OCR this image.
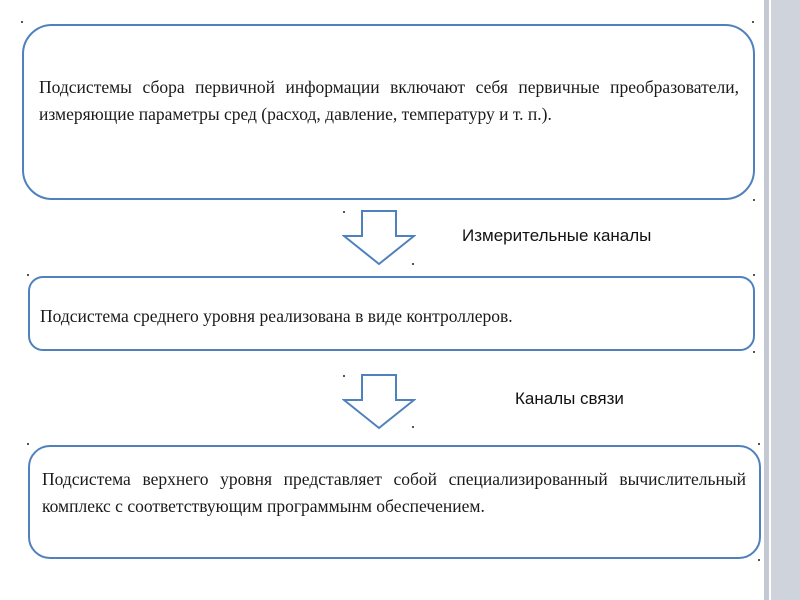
Подсистемы сбора первичной информации включают себя первичные преобразователи, измеряющие параметры сред (расход, давление, температуру и т. п.).

Измерительные каналы

Подсистема среднего уровня реализована в виде контроллеров.

Каналы связи

Подсистема верхнего уровня представляет собой специализированный вычислительный комплекс с соответствующим программынм обеспечением.
